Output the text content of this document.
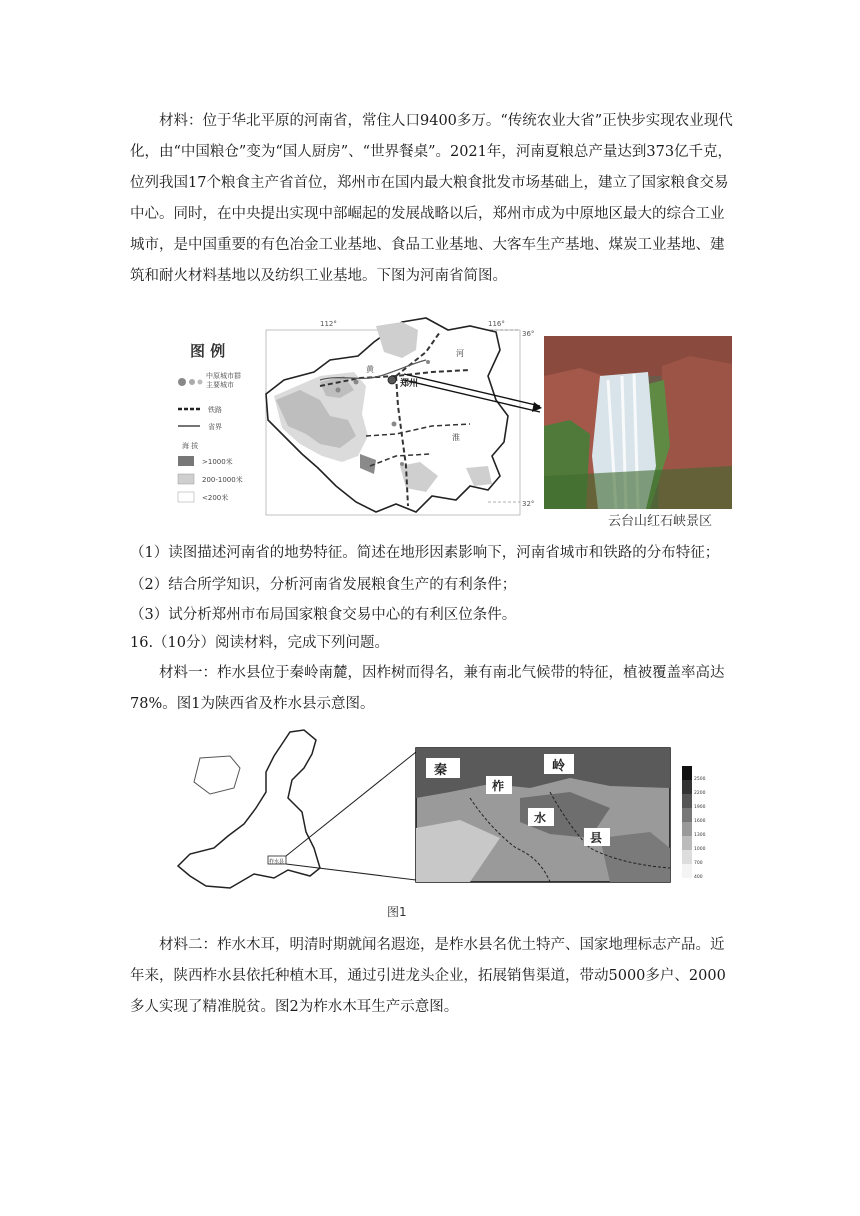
材料：位于华北平原的河南省，常住人口9400多万。“传统农业大省”正快步实现农业现代化，由“中国粮仓”变为“国人厨房”、“世界餐桌”。2021年，河南夏粮总产量达到373亿千克，位列我国17个粮食主产省首位，郑州市在国内最大粮食批发市场基础上，建立了国家粮食交易中心。同时，在中央提出实现中部崛起的发展战略以后，郑州市成为中原地区最大的综合工业城市，是中国重要的有色冶金工业基地、食品工业基地、大客车生产基地、煤炭工业基地、建筑和耐火材料基地以及纺织工业基地。下图为河南省简图。

图 例
中原城市群
主要城市
铁路
省界
海 拔
>1000米
200-1000米
<200米
112°	116°
36°
32°
黄
河
淮
郑州
云台山红石峡景区
（1）读图描述河南省的地势特征。简述在地形因素影响下，河南省城市和铁路的分布特征；
（2）结合所学知识，分析河南省发展粮食生产的有利条件；
（3）试分析郑州市布局国家粮食交易中心的有利区位条件。
16.（10分）阅读材料，完成下列问题。

材料一：柞水县位于秦岭南麓，因柞树而得名，兼有南北气候带的特征，植被覆盖率高达78%。图1为陕西省及柞水县示意图。

柞水县
秦	岭
柞
水
县
2500
2200
1900
1600
1300
1000
700
400
图1

材料二：柞水木耳，明清时期就闻名遐迩，是柞水县名优土特产、国家地理标志产品。近年来，陕西柞水县依托种植木耳，通过引进龙头企业，拓展销售渠道，带动5000多户、2000多人实现了精准脱贫。图2为柞水木耳生产示意图。
